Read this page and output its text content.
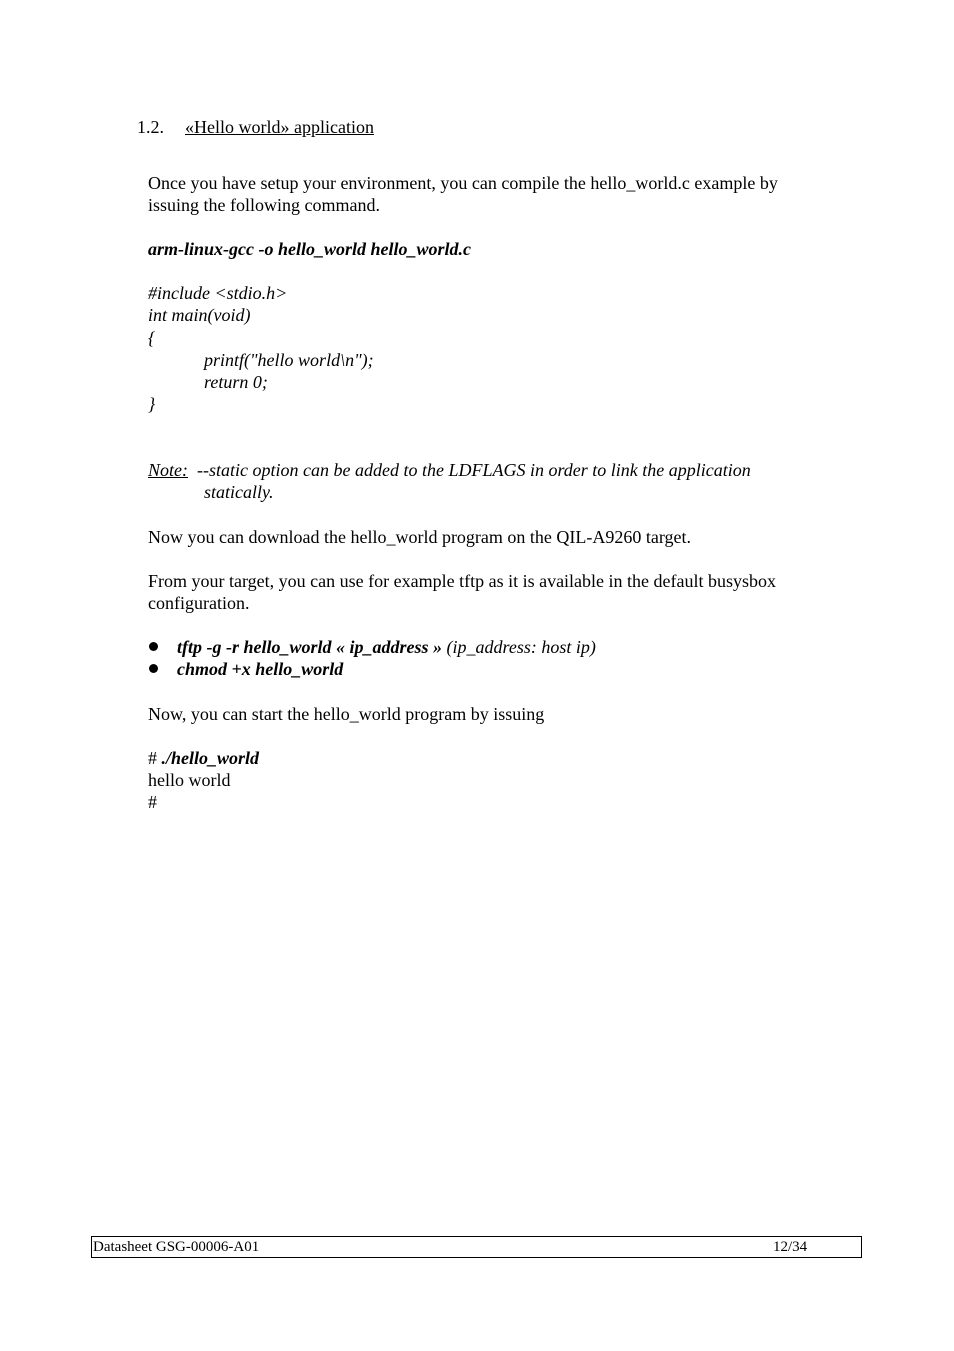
1.2. «Hello world» application
Once you have setup your environment, you can compile the hello_world.c example by
issuing the following command.
arm-linux-gcc -o hello_world hello_world.c
#include <stdio.h>
int main(void)
{
printf("hello world\n");
return 0;
}
Note: --static option can be added to the LDFLAGS in order to link the application
statically.
Now you can download the hello_world program on the QIL-A9260 target.
From your target, you can use for example tftp as it is available in the default busysbox
configuration.
tftp -g -r hello_world « ip_address » (ip_address: host ip)
chmod +x hello_world
Now, you can start the hello_world program by issuing
# ./hello_world
hello world
#
Datasheet GSG-00006-A01	12/34
